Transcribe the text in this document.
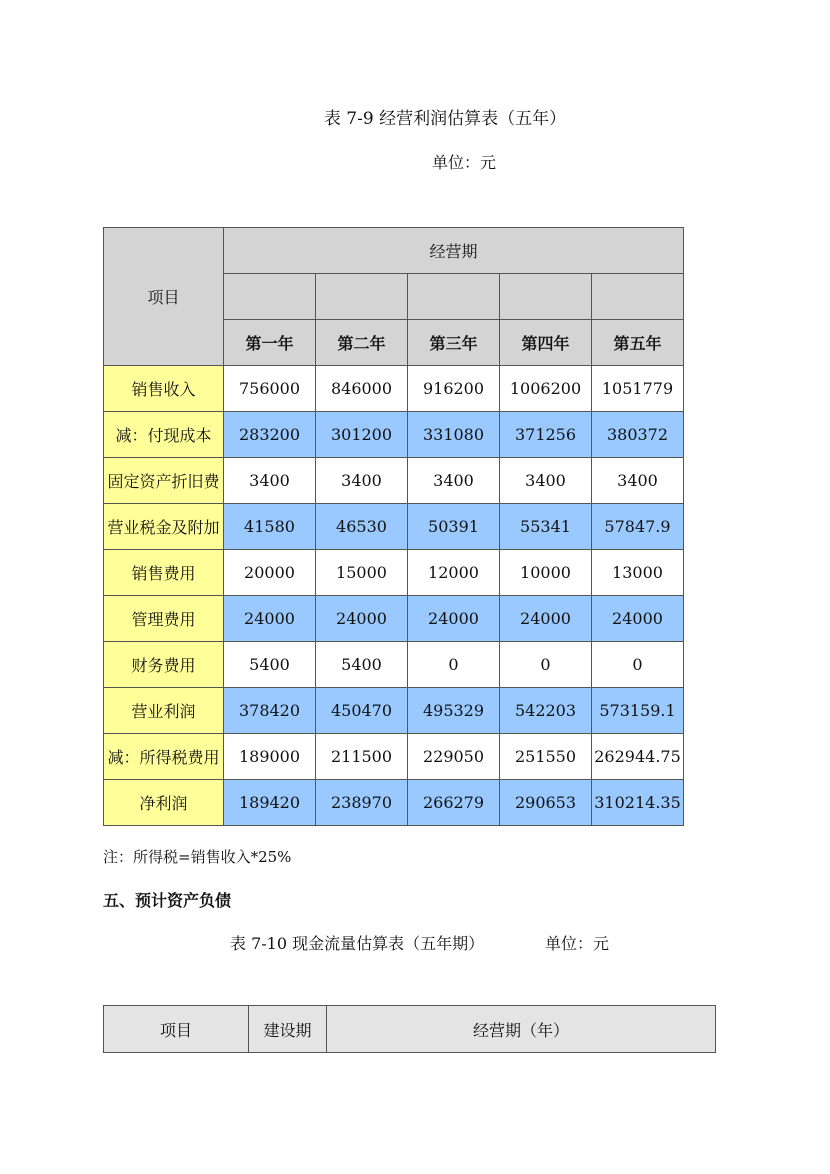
表 7-9 经营利润估算表（五年）
单位：元
项目	经营期				

	第一年	第二年	第三年	第四年	第五年
销售收入	756000	846000	916200	1006200	1051779
减：付现成本	283200	301200	331080	371256	380372
固定资产折旧费	3400	3400	3400	3400	3400
营业税金及附加	41580	46530	50391	55341	57847.9
销售费用	20000	15000	12000	10000	13000
管理费用	24000	24000	24000	24000	24000
财务费用	5400	5400	0	0	0
营业利润	378420	450470	495329	542203	573159.1
减：所得税费用	189000	211500	229050	251550	262944.75
净利润	189420	238970	266279	290653	310214.35
注：所得税=销售收入*25%
五、预计资产负债
表 7-10 现金流量估算表（五年期）	单位：元
项目	建设期	经营期（年）
